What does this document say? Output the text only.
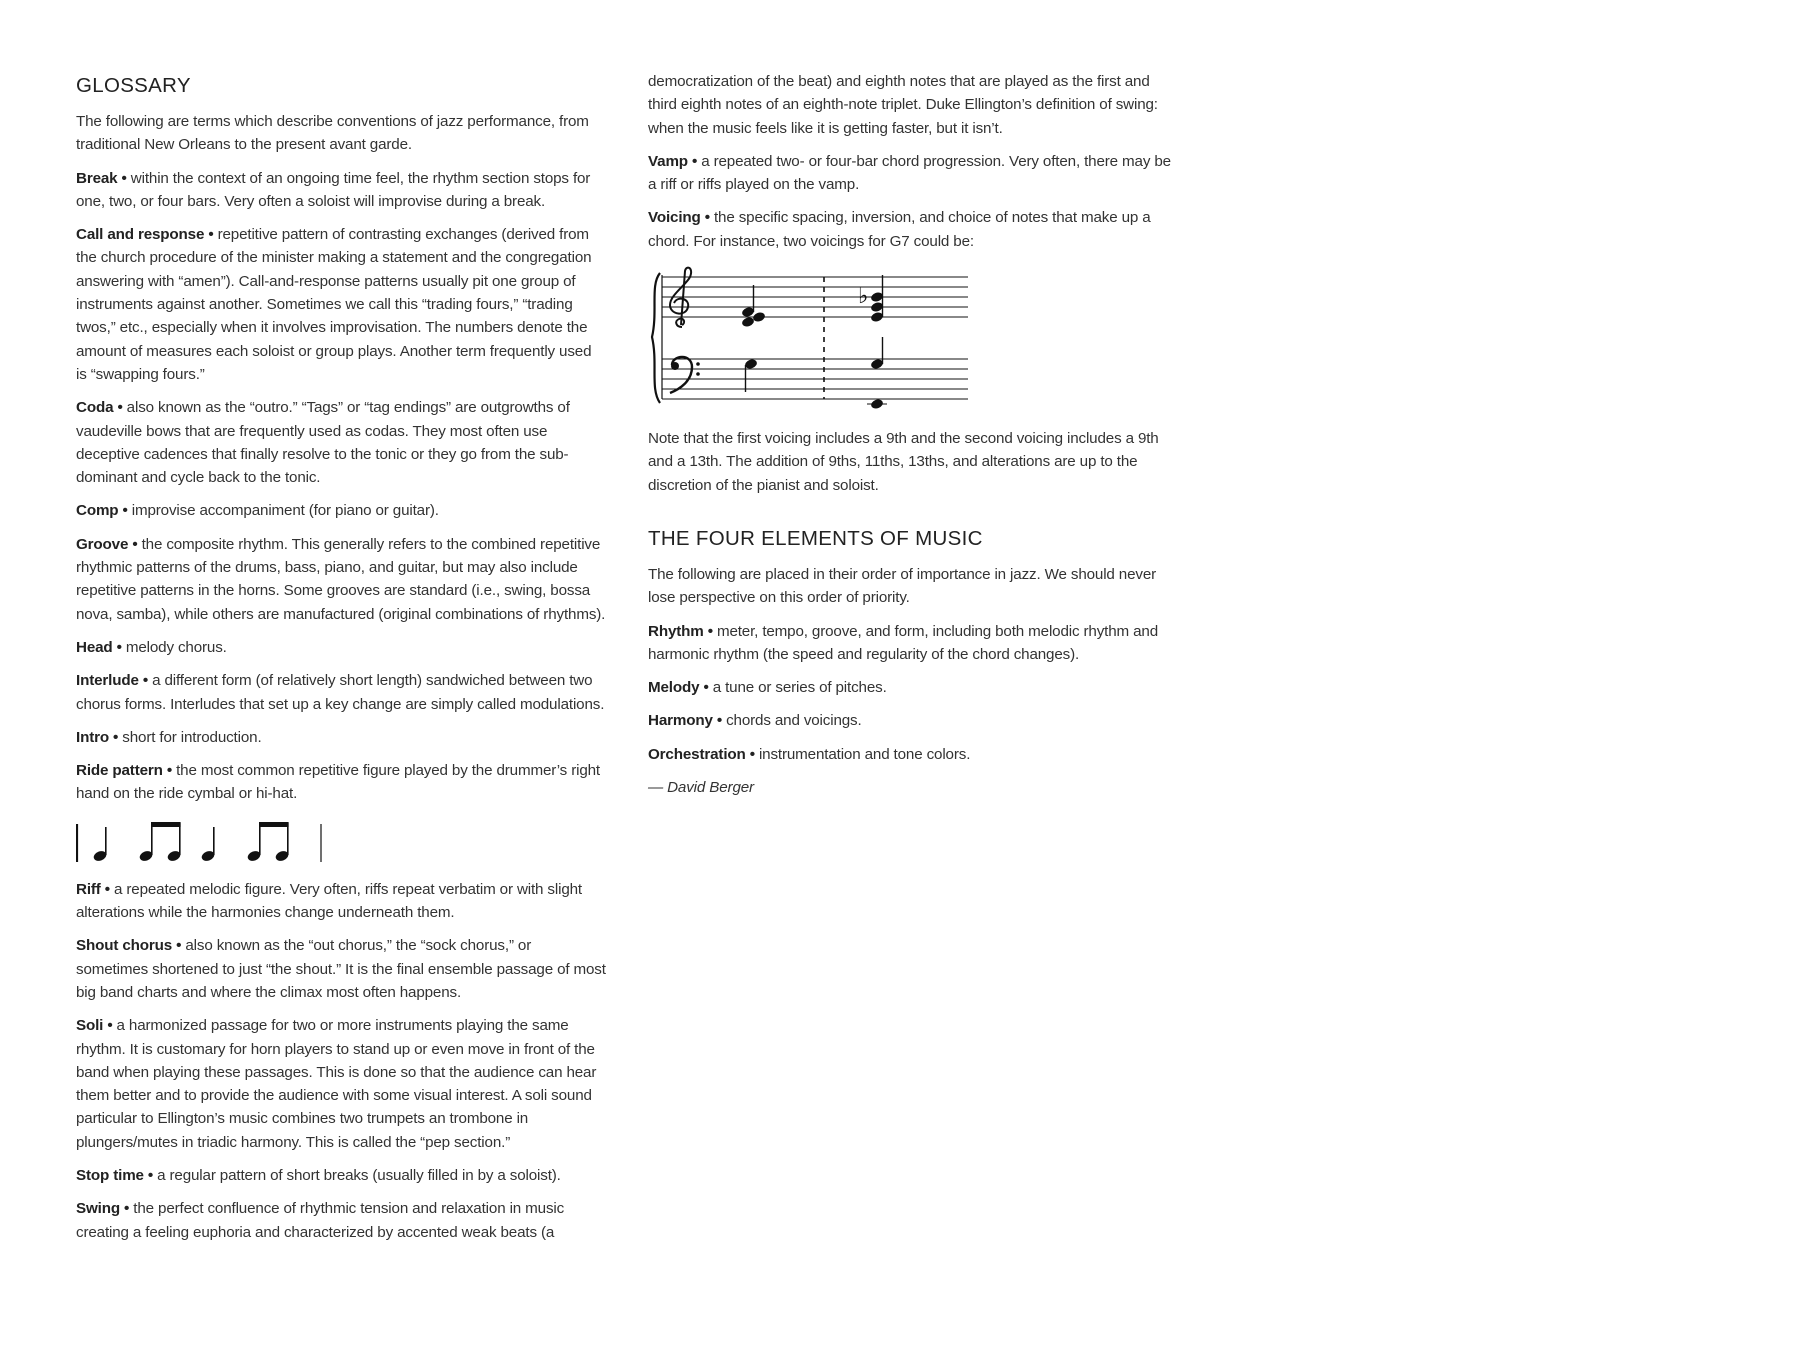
GLOSSARY

The following are terms which describe conventions of jazz performance, from traditional New Orleans to the present avant garde.

Break • within the context of an ongoing time feel, the rhythm section stops for one, two, or four bars. Very often a soloist will improvise during a break.

Call and response • repetitive pattern of contrasting exchanges (derived from the church procedure of the minister making a statement and the congregation answering with “amen”). Call-and-response patterns usually pit one group of instruments against another. Sometimes we call this “trading fours,” “trading twos,” etc., especially when it involves improvisation. The numbers denote the amount of measures each soloist or group plays. Another term frequently used is “swapping fours.”

Coda • also known as the “outro.” “Tags” or “tag endings” are outgrowths of vaudeville bows that are frequently used as codas. They most often use deceptive cadences that finally resolve to the tonic or they go from the sub-dominant and cycle back to the tonic.

Comp • improvise accompaniment (for piano or guitar).

Groove • the composite rhythm. This generally refers to the combined repetitive rhythmic patterns of the drums, bass, piano, and guitar, but may also include repetitive patterns in the horns. Some grooves are standard (i.e., swing, bossa nova, samba), while others are manufactured (original combinations of rhythms).

Head • melody chorus.

Interlude • a different form (of relatively short length) sandwiched between two chorus forms. Interludes that set up a key change are simply called modulations.

Intro • short for introduction.

Ride pattern • the most common repetitive figure played by the drummer’s right hand on the ride cymbal or hi-hat.

Riff • a repeated melodic figure. Very often, riffs repeat verbatim or with slight alterations while the harmonies change underneath them.

Shout chorus • also known as the “out chorus,” the “sock chorus,” or sometimes shortened to just “the shout.” It is the final ensemble passage of most big band charts and where the climax most often happens.

Soli • a harmonized passage for two or more instruments playing the same rhythm. It is customary for horn players to stand up or even move in front of the band when playing these passages. This is done so that the audience can hear them better and to provide the audience with some visual interest. A soli sound particular to Ellington’s music combines two trumpets an trombone in plungers/mutes in triadic harmony. This is called the “pep section.”

Stop time • a regular pattern of short breaks (usually filled in by a soloist).

Swing • the perfect confluence of rhythmic tension and relaxation in music creating a feeling euphoria and characterized by accented weak beats (a

democratization of the beat) and eighth notes that are played as the first and third eighth notes of an eighth-note triplet. Duke Ellington’s definition of swing: when the music feels like it is getting faster, but it isn’t.

Vamp • a repeated two- or four-bar chord progression. Very often, there may be a riff or riffs played on the vamp.

Voicing • the specific spacing, inversion, and choice of notes that make up a chord. For instance, two voicings for G7 could be:

♭

Note that the first voicing includes a 9th and the second voicing includes a 9th and a 13th. The addition of 9ths, 11ths, 13ths, and alterations are up to the discretion of the pianist and soloist.

THE FOUR ELEMENTS OF MUSIC

The following are placed in their order of importance in jazz. We should never lose perspective on this order of priority.

Rhythm • meter, tempo, groove, and form, including both melodic rhythm and harmonic rhythm (the speed and regularity of the chord changes).

Melody • a tune or series of pitches.

Harmony • chords and voicings.

Orchestration • instrumentation and tone colors.

— David Berger
